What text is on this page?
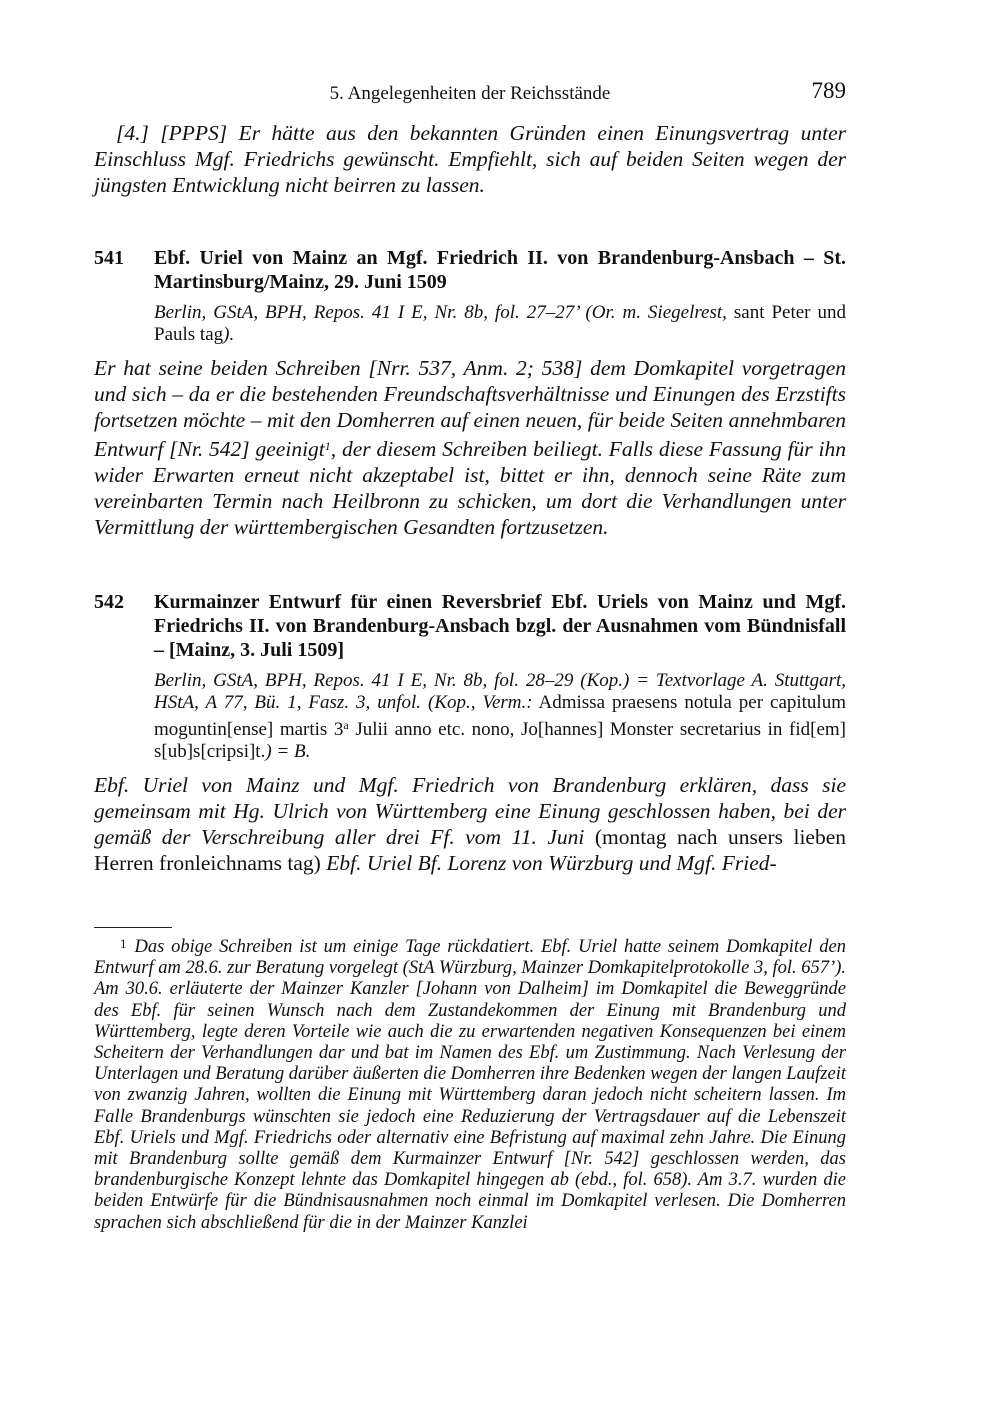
5. Angelegenheiten der Reichsstände	789

[4.] [PPPS] Er hätte aus den bekannten Gründen einen Einungsvertrag unter Einschluss Mgf. Friedrichs gewünscht. Empfiehlt, sich auf beiden Seiten wegen der jüngsten Entwicklung nicht beirren zu lassen.

541 Ebf. Uriel von Mainz an Mgf. Friedrich II. von Brandenburg-Ansbach – St. Martinsburg/Mainz, 29. Juni 1509

Berlin, GStA, BPH, Repos. 41 I E, Nr. 8b, fol. 27–27’ (Or. m. Siegelrest, sant Peter und Pauls tag).

Er hat seine beiden Schreiben [Nrr. 537, Anm. 2; 538] dem Domkapitel vorgetragen und sich – da er die bestehenden Freundschaftsverhältnisse und Einungen des Erzstifts fortsetzen möchte – mit den Domherren auf einen neuen, für beide Seiten annehmbaren Entwurf [Nr. 542] geeinigt$^1$, der diesem Schreiben beiliegt. Falls diese Fassung für ihn wider Erwarten erneut nicht akzeptabel ist, bittet er ihn, dennoch seine Räte zum vereinbarten Termin nach Heilbronn zu schicken, um dort die Verhandlungen unter Vermittlung der württembergischen Gesandten fortzusetzen.

542 Kurmainzer Entwurf für einen Reversbrief Ebf. Uriels von Mainz und Mgf. Friedrichs II. von Brandenburg-Ansbach bzgl. der Ausnahmen vom Bündnisfall – [Mainz, 3. Juli 1509]

Berlin, GStA, BPH, Repos. 41 I E, Nr. 8b, fol. 28–29 (Kop.) = Textvorlage A. Stuttgart, HStA, A 77, Bü. 1, Fasz. 3, unfol. (Kop., Verm.: Admissa praesens notula per capitulum moguntin[ense] martis 3$^a$ Julii anno etc. nono, Jo[hannes] Monster secretarius in fid[em] s[ub]s[cripsi]t.) = B.

Ebf. Uriel von Mainz und Mgf. Friedrich von Brandenburg erklären, dass sie gemeinsam mit Hg. Ulrich von Württemberg eine Einung geschlossen haben, bei der gemäß der Verschreibung aller drei Ff. vom 11. Juni (montag nach unsers lieben Herren fronleichnams tag) Ebf. Uriel Bf. Lorenz von Würzburg und Mgf. Fried-

$^1$ Das obige Schreiben ist um einige Tage rückdatiert. Ebf. Uriel hatte seinem Domkapitel den Entwurf am 28.6. zur Beratung vorgelegt (StA Würzburg, Mainzer Domkapitelprotokolle 3, fol. 657’). Am 30.6. erläuterte der Mainzer Kanzler [Johann von Dalheim] im Domkapitel die Beweggründe des Ebf. für seinen Wunsch nach dem Zustandekommen der Einung mit Brandenburg und Württemberg, legte deren Vorteile wie auch die zu erwartenden negativen Konsequenzen bei einem Scheitern der Verhandlungen dar und bat im Namen des Ebf. um Zustimmung. Nach Verlesung der Unterlagen und Beratung darüber äußerten die Domherren ihre Bedenken wegen der langen Laufzeit von zwanzig Jahren, wollten die Einung mit Württemberg daran jedoch nicht scheitern lassen. Im Falle Brandenburgs wünschten sie jedoch eine Reduzierung der Vertragsdauer auf die Lebenszeit Ebf. Uriels und Mgf. Friedrichs oder alternativ eine Befristung auf maximal zehn Jahre. Die Einung mit Brandenburg sollte gemäß dem Kurmainzer Entwurf [Nr. 542] geschlossen werden, das brandenburgische Konzept lehnte das Domkapitel hingegen ab (ebd., fol. 658). Am 3.7. wurden die beiden Entwürfe für die Bündnisausnahmen noch einmal im Domkapitel verlesen. Die Domherren sprachen sich abschließend für die in der Mainzer Kanzlei
